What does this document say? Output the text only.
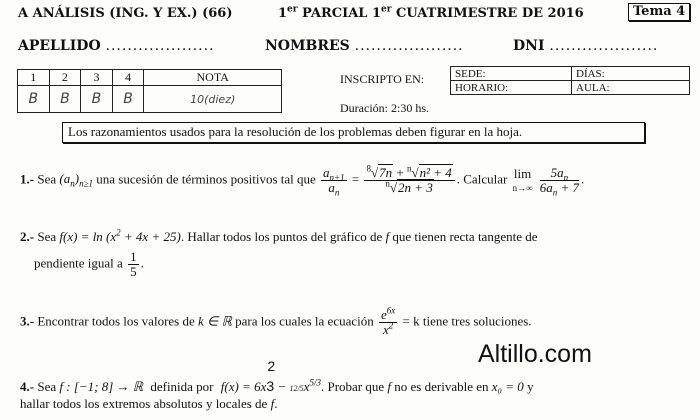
A ANÁLISIS (ING. Y EX.) (66)	1er PARCIAL 1er CUATRIMESTRE DE 2016	Tema 4
APELLIDO ....................	NOMBRES ....................	DNI ....................
1	2	3	4	NOTA
B	B	B	B	10(diez)
INSCRIPTO EN:	SEDE:	DÍAS:
HORARIO:	AULA:
Duración: 2:30 hs.
Los razonamientos usados para la resolución de los problemas deben figurar en la hoja.
1.- Sea $(a_n)_{n\ge 1}$ una sucesión de términos positivos tal que $\frac{a_{n+1}}{a_n} = \frac{^8√7n + ^n√n^2 + 4}{^n√2n + 3}$ . Calcular lim
n→∞
$\frac{5a_n}{6a_n + 7}$ .
2.- Sea $f(x) = \ln (x^2 + 4x + 25)$. Hallar todos los puntos del gráfico de f que tienen recta tangente de
pendiente igual a $\frac{1}{5}$ .
3.- Encontrar todos los valores de k ∈ ℝ para los cuales la ecuación $\frac{e^{6x}}{x^2} = k$ tiene tres soluciones.
Altillo.com
4.- Sea f : [−1; 8] → ℝ definida por f(x) = 6x
2
$3 - 12/5x^{5/3}$. Probar que f no es derivable en x₀ = 0 y
hallar todos los extremos absolutos y locales de f.
